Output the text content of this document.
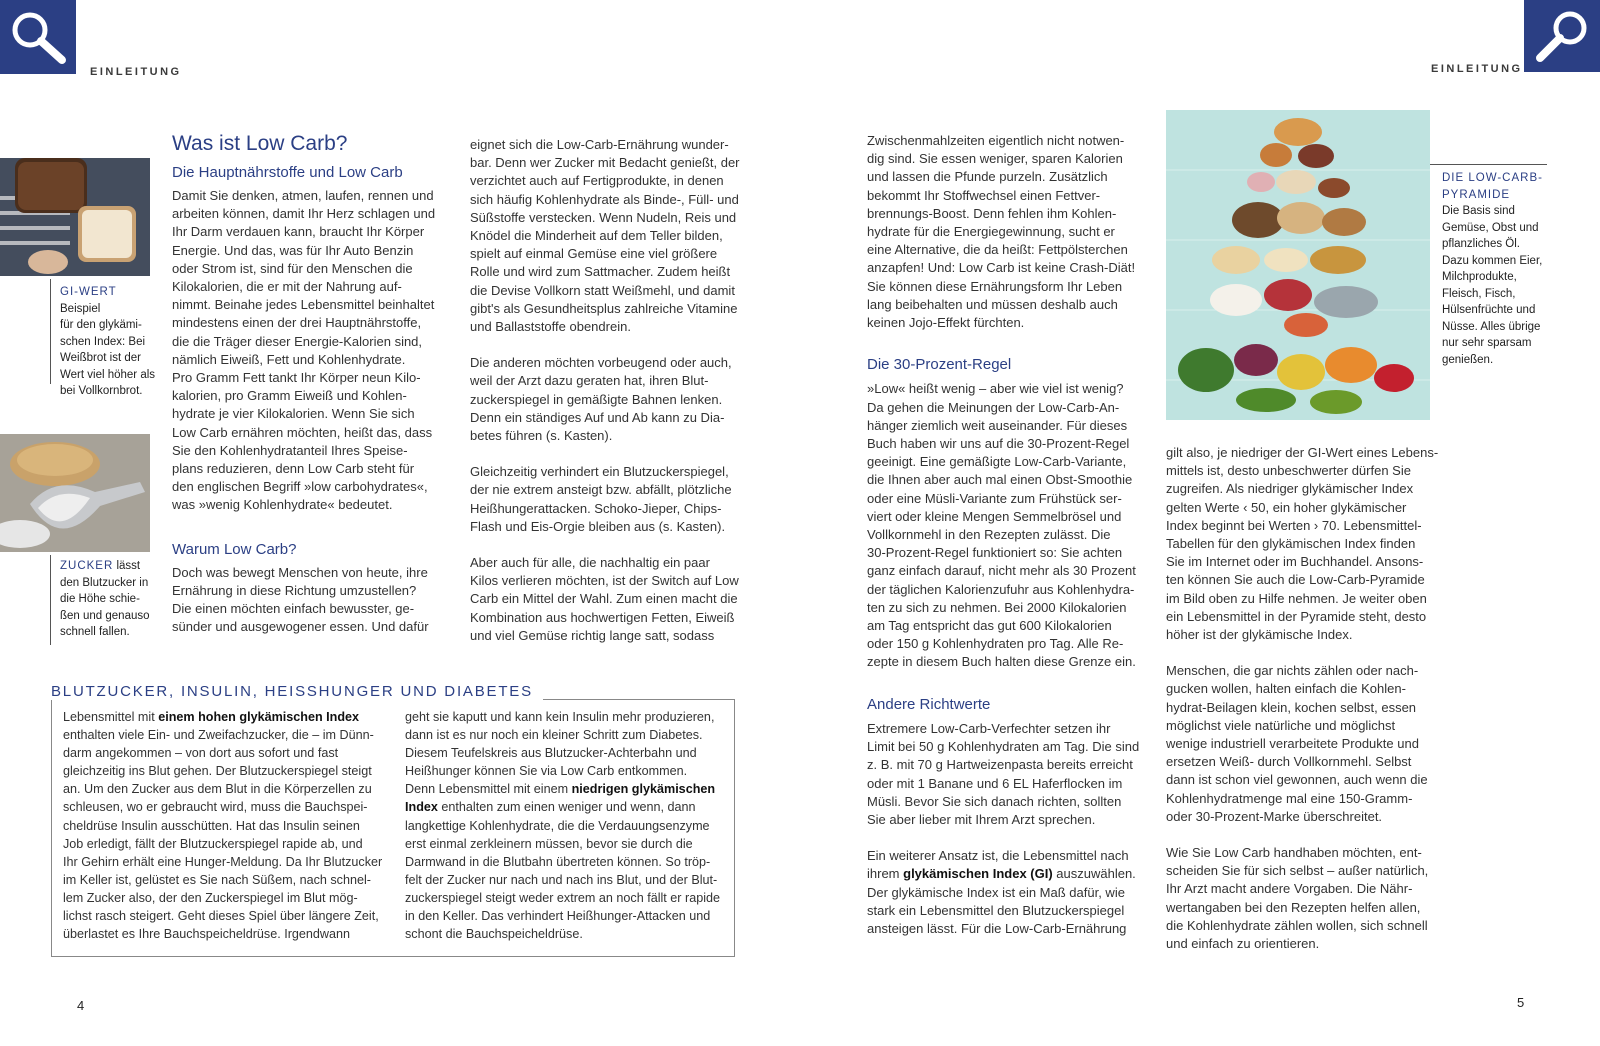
EINLEITUNG	EINLEITUNG
GI-WERT Beispiel
für den glykämi-
schen Index: Bei
Weißbrot ist der
Wert viel höher als
bei Vollkornbrot.
ZUCKER lässt
den Blutzucker in
die Höhe schie-
ßen und genauso
schnell fallen.
Was ist Low Carb?
Die Hauptnährstoffe und Low Carb
Damit Sie denken, atmen, laufen, rennen und
arbeiten können, damit Ihr Herz schlagen und
Ihr Darm verdauen kann, braucht Ihr Körper
Energie. Und das, was für Ihr Auto Benzin
oder Strom ist, sind für den Menschen die
Kilokalorien, die er mit der Nahrung auf-
nimmt. Beinahe jedes Lebensmittel beinhaltet
mindestens einen der drei Hauptnährstoffe,
die die Träger dieser Energie-Kalorien sind,
nämlich Eiweiß, Fett und Kohlenhydrate.
Pro Gramm Fett tankt Ihr Körper neun Kilo-
kalorien, pro Gramm Eiweiß und Kohlen-
hydrate je vier Kilokalorien. Wenn Sie sich
Low Carb ernähren möchten, heißt das, dass
Sie den Kohlenhydratanteil Ihres Speise-
plans reduzieren, denn Low Carb steht für
den englischen Begriff »low carbohydrates«,
was »wenig Kohlenhydrate« bedeutet.
Warum Low Carb?
Doch was bewegt Menschen von heute, ihre
Ernährung in diese Richtung umzustellen?
Die einen möchten einfach bewusster, ge-
sünder und ausgewogener essen. Und dafür

eignet sich die Low-Carb-Ernährung wunder-
bar. Denn wer Zucker mit Bedacht genießt, der
verzichtet auch auf Fertigprodukte, in denen
sich häufig Kohlenhydrate als Binde-, Füll- und
Süßstoffe verstecken. Wenn Nudeln, Reis und
Knödel die Minderheit auf dem Teller bilden,
spielt auf einmal Gemüse eine viel größere
Rolle und wird zum Sattmacher. Zudem heißt
die Devise Vollkorn statt Weißmehl, und damit
gibt's als Gesundheitsplus zahlreiche Vitamine
und Ballaststoffe obendrein.

Die anderen möchten vorbeugend oder auch,
weil der Arzt dazu geraten hat, ihren Blut-
zuckerspiegel in gemäßigte Bahnen lenken.
Denn ein ständiges Auf und Ab kann zu Dia-
betes führen (s. Kasten).

Gleichzeitig verhindert ein Blutzuckerspiegel,
der nie extrem ansteigt bzw. abfällt, plötzliche
Heißhungerattacken. Schoko-Jieper, Chips-
Flash und Eis-Orgie bleiben aus (s. Kasten).

Aber auch für alle, die nachhaltig ein paar
Kilos verlieren möchten, ist der Switch auf Low
Carb ein Mittel der Wahl. Zum einen macht die
Kombination aus hochwertigen Fetten, Eiweiß
und viel Gemüse richtig lange satt, sodass

BLUTZUCKER, INSULIN, HEISSHUNGER UND DIABETES
Lebensmittel mit einem hohen glykämischen Index
enthalten viele Ein- und Zweifachzucker, die – im Dünn-
darm angekommen – von dort aus sofort und fast
gleichzeitig ins Blut gehen. Der Blutzuckerspiegel steigt
an. Um den Zucker aus dem Blut in die Körperzellen zu
schleusen, wo er gebraucht wird, muss die Bauchspei-
cheldrüse Insulin ausschütten. Hat das Insulin seinen
Job erledigt, fällt der Blutzuckerspiegel rapide ab, und
Ihr Gehirn erhält eine Hunger-Meldung. Da Ihr Blutzucker
im Keller ist, gelüstet es Sie nach Süßem, nach schnel-
lem Zucker also, der den Zuckerspiegel im Blut mög-
lichst rasch steigert. Geht dieses Spiel über längere Zeit,
überlastet es Ihre Bauchspeicheldrüse. Irgendwann
geht sie kaputt und kann kein Insulin mehr produzieren,
dann ist es nur noch ein kleiner Schritt zum Diabetes.
Diesem Teufelskreis aus Blutzucker-Achterbahn und
Heißhunger können Sie via Low Carb entkommen.
Denn Lebensmittel mit einem niedrigen glykämischen
Index enthalten zum einen weniger und wenn, dann
langkettige Kohlenhydrate, die die Verdauungsenzyme
erst einmal zerkleinern müssen, bevor sie durch die
Darmwand in die Blutbahn übertreten können. So tröp-
felt der Zucker nur nach und nach ins Blut, und der Blut-
zuckerspiegel steigt weder extrem an noch fällt er rapide
in den Keller. Das verhindert Heißhunger-Attacken und
schont die Bauchspeicheldrüse.
4

Zwischenmahlzeiten eigentlich nicht notwen-
dig sind. Sie essen weniger, sparen Kalorien
und lassen die Pfunde purzeln. Zusätzlich
bekommt Ihr Stoffwechsel einen Fettver-
brennungs-Boost. Denn fehlen ihm Kohlen-
hydrate für die Energiegewinnung, sucht er
eine Alternative, die da heißt: Fettpölsterchen
anzapfen! Und: Low Carb ist keine Crash-Diät!
Sie können diese Ernährungsform Ihr Leben
lang beibehalten und müssen deshalb auch
keinen Jojo-Effekt fürchten.

Die 30-Prozent-Regel

»Low« heißt wenig – aber wie viel ist wenig?
Da gehen die Meinungen der Low-Carb-An-
hänger ziemlich weit auseinander. Für dieses
Buch haben wir uns auf die 30-Prozent-Regel
geeinigt. Eine gemäßigte Low-Carb-Variante,
die Ihnen aber auch mal einen Obst-Smoothie
oder eine Müsli-Variante zum Frühstück ser-
viert oder kleine Mengen Semmelbrösel und
Vollkornmehl in den Rezepten zulässt. Die
30-Prozent-Regel funktioniert so: Sie achten
ganz einfach darauf, nicht mehr als 30 Prozent
der täglichen Kalorienzufuhr aus Kohlenhydra-
ten zu sich zu nehmen. Bei 2000 Kilokalorien
am Tag entspricht das gut 600 Kilokalorien
oder 150 g Kohlenhydraten pro Tag. Alle Re-
zepte in diesem Buch halten diese Grenze ein.

Andere Richtwerte

Extremere Low-Carb-Verfechter setzen ihr
Limit bei 50 g Kohlenhydraten am Tag. Die sind
z. B. mit 70 g Hartweizenpasta bereits erreicht
oder mit 1 Banane und 6 EL Haferflocken im
Müsli. Bevor Sie sich danach richten, sollten
Sie aber lieber mit Ihrem Arzt sprechen.

Ein weiterer Ansatz ist, die Lebensmittel nach
ihrem glykämischen Index (GI) auszuwählen.
Der glykämische Index ist ein Maß dafür, wie
stark ein Lebensmittel den Blutzuckerspiegel
ansteigen lässt. Für die Low-Carb-Ernährung

DIE LOW-CARB-
PYRAMIDE
Die Basis sind
Gemüse, Obst und
pflanzliches Öl.
Dazu kommen Eier,
Milchprodukte,
Fleisch, Fisch,
Hülsenfrüchte und
Nüsse. Alles übrige
nur sehr sparsam
genießen.

gilt also, je niedriger der GI-Wert eines Lebens-
mittels ist, desto unbeschwerter dürfen Sie
zugreifen. Als niedriger glykämischer Index
gelten Werte ‹ 50, ein hoher glykämischer
Index beginnt bei Werten › 70. Lebensmittel-
Tabellen für den glykämischen Index finden
Sie im Internet oder im Buchhandel. Ansons-
ten können Sie auch die Low-Carb-Pyramide
im Bild oben zu Hilfe nehmen. Je weiter oben
ein Lebensmittel in der Pyramide steht, desto
höher ist der glykämische Index.

Menschen, die gar nichts zählen oder nach-
gucken wollen, halten einfach die Kohlen-
hydrat-Beilagen klein, kochen selbst, essen
möglichst viele natürliche und möglichst
wenige industriell verarbeitete Produkte und
ersetzen Weiß- durch Vollkornmehl. Selbst
dann ist schon viel gewonnen, auch wenn die
Kohlenhydratmenge mal eine 150-Gramm-
oder 30-Prozent-Marke überschreitet.

Wie Sie Low Carb handhaben möchten, ent-
scheiden Sie für sich selbst – außer natürlich,
Ihr Arzt macht andere Vorgaben. Die Nähr-
wertangaben bei den Rezepten helfen allen,
die Kohlenhydrate zählen wollen, sich schnell
und einfach zu orientieren.

5
